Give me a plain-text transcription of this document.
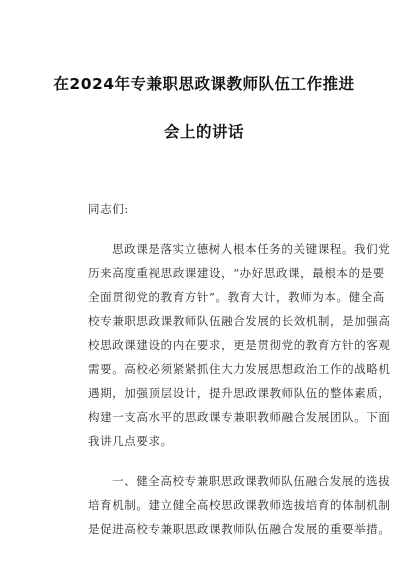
在2024年专兼职思政课教师队伍工作推进
会上的讲话
同志们:
思政课是落实立德树人根本任务的关键课程。我们党
历来高度重视思政课建设，“办好思政课，最根本的是要
全面贯彻党的教育方针”。教育大计，教师为本。健全高
校专兼职思政课教师队伍融合发展的长效机制，是加强高
校思政课建设的内在要求，更是贯彻党的教育方针的客观
需要。高校必须紧紧抓住大力发展思想政治工作的战略机
遇期，加强顶层设计，提升思政课教师队伍的整体素质，
构建一支高水平的思政课专兼职教师融合发展团队。下面
我讲几点要求。
一、健全高校专兼职思政课教师队伍融合发展的选拔
培育机制。建立健全高校思政课教师选拔培育的体制机制
是促进高校专兼职思政课教师队伍融合发展的重要举措。
